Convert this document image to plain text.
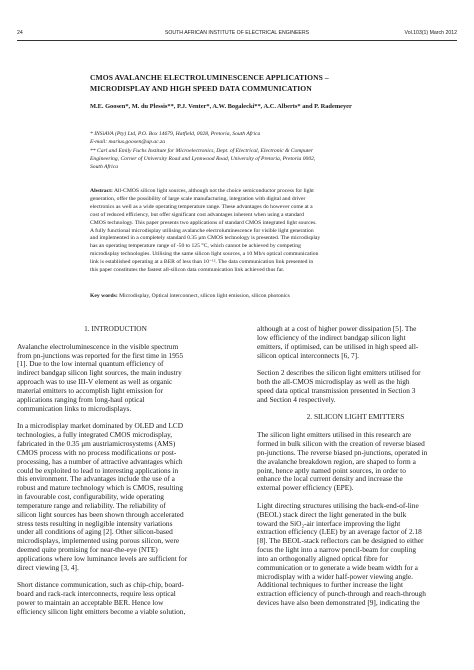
24	SOUTH AFRICAN INSTITUTE OF ELECTRICAL ENGINEERS	Vol.103(1) March 2012
CMOS AVALANCHE ELECTROLUMINESCENCE APPLICATIONS –
MICRODISPLAY AND HIGH SPEED DATA COMMUNICATION
M.E. Goosen*, M. du Plessis**, P.J. Venter*, A.W. Bogalecki**, A.C. Alberts* and P. Rademeyer
* INSiAVA (Pty) Ltd, P.O. Box 14679, Hatfield, 0028, Pretoria, South Africa
E-mail: marius.goosen@up.ac.za
** Carl and Emily Fuchs Institute for Microelectronics, Dept. of Electrical, Electronic & Computer
Engineering, Corner of University Road and Lynnwood Road, University of Pretoria, Pretoria 0002,
South Africa
Abstract: All-CMOS silicon light sources, although not the choice semiconductor process for light
generation, offer the possibility of large scale manufacturing, integration with digital and driver
electronics as well as a wide operating temperature range. These advantages do however come at a
cost of reduced efficiency, but offer significant cost advantages inherent when using a standard
CMOS technology. This paper presents two applications of standard CMOS integrated light sources.
A fully functional microdisplay utilising avalanche electroluminescence for visible light generation
and implemented in a completely standard 0.35 μm CMOS technology is presented. The microdisplay
has an operating temperature range of -50 to 125 °C, which cannot be achieved by competing
microdisplay technologies. Utilising the same silicon light sources, a 10 Mb/s optical communication
link is established operating at a BER of less than 10⁻¹². The data communication link presented in
this paper constitutes the fastest all-silicon data communication link achieved thus far.
Key words: Microdisplay, Optical interconnect, silicon light emission, silicon photonics
1. INTRODUCTION
Avalanche electroluminescence in the visible spectrum
from pn-junctions was reported for the first time in 1955
[1]. Due to the low internal quantum efficiency of
indirect bandgap silicon light sources, the main industry
approach was to use III-V element as well as organic
material emitters to accomplish light emission for
applications ranging from long-haul optical
communication links to microdisplays.
In a microdisplay market dominated by OLED and LCD
technologies, a fully integrated CMOS microdisplay,
fabricated in the 0.35 μm austriamicrosystems (AMS)
CMOS process with no process modifications or post-
processing, has a number of attractive advantages which
could be exploited to lead to interesting applications in
this environment. The advantages include the use of a
robust and mature technology which is CMOS, resulting
in favourable cost, configurability, wide operating
temperature range and reliability. The reliability of
silicon light sources has been shown through accelerated
stress tests resulting in negligible intensity variations
under all conditions of aging [2]. Other silicon-based
microdisplays, implemented using porous silicon, were
deemed quite promising for near-the-eye (NTE)
applications where low luminance levels are sufficient for
direct viewing [3, 4].
Short distance communication, such as chip-chip, board-
board and rack-rack interconnects, require less optical
power to maintain an acceptable BER. Hence low
efficiency silicon light emitters become a viable solution,
although at a cost of higher power dissipation [5]. The
low efficiency of the indirect bandgap silicon light
emitters, if optimised, can be utilised in high speed all-
silicon optical interconnects [6, 7].
Section 2 describes the silicon light emitters utilised for
both the all-CMOS microdisplay as well as the high
speed data optical transmission presented in Section 3
and Section 4 respectively.
2. SILICON LIGHT EMITTERS
The silicon light emitters utilised in this research are
formed in bulk silicon with the creation of reverse biased
pn-junctions. The reverse biased pn-junctions, operated in
the avalanche breakdown region, are shaped to form a
point, hence aptly named point sources, in order to
enhance the local current density and increase the
external power efficiency (EPE).
Light directing structures utilising the back-end-of-line
(BEOL) stack direct the light generated in the bulk
toward the SiO₂-air interface improving the light
extraction efficiency (LEE) by an average factor of 2.18
[8]. The BEOL-stack reflectors can be designed to either
focus the light into a narrow pencil-beam for coupling
into an orthogonally aligned optical fibre for
communication or to generate a wide beam width for a
microdisplay with a wider half-power viewing angle.
Additional techniques to further increase the light
extraction efficiency of punch-through and reach-through
devices have also been demonstrated [9], indicating the
